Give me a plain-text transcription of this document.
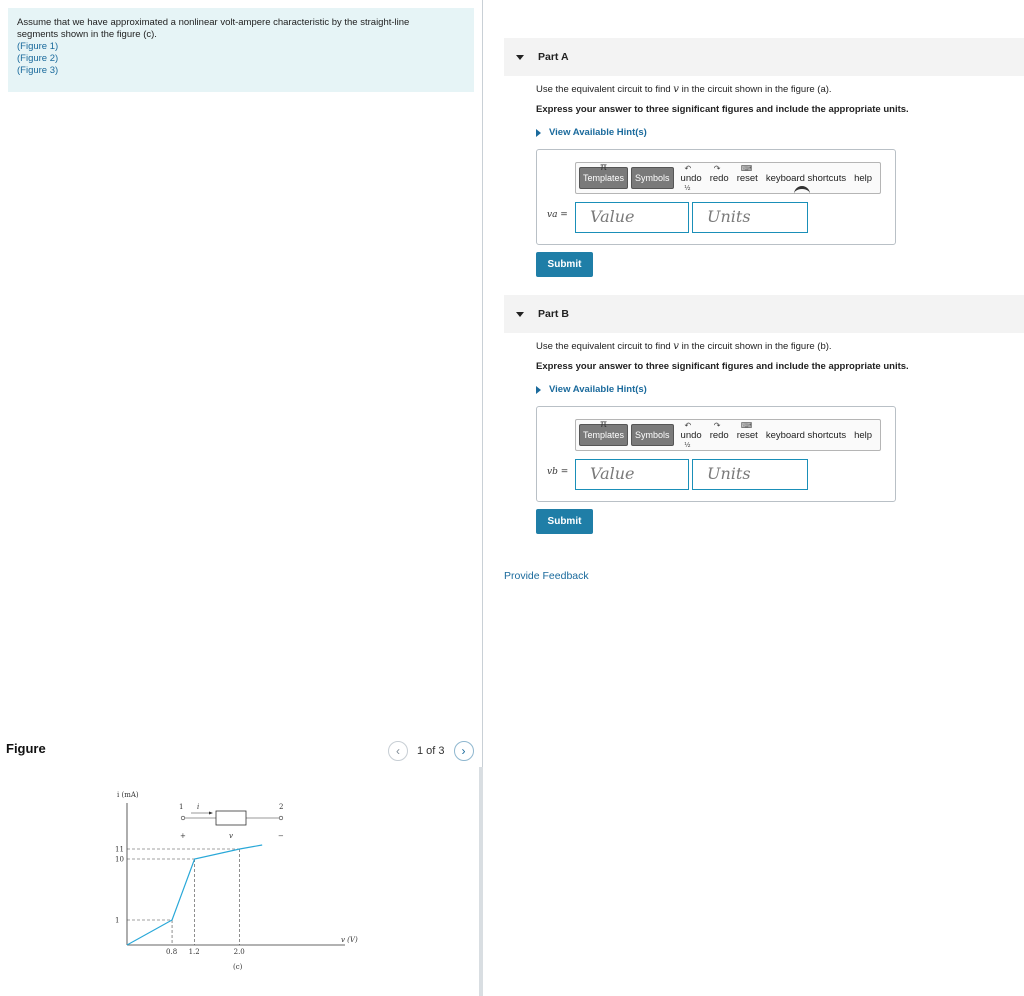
Assume that we have approximated a nonlinear volt-ampere characteristic by the straight-line
segments shown in the figure (c).
(Figure 1)
(Figure 2)
(Figure 3)
Figure	‹ 1 of 3 ›
i (mA)
1	2
i
+	−
v
1
10
11
0.8 1.2	2.0
v (V)
(c)
Part A
Use the equivalent circuit to find v in the circuit shown in the figure (a).
Express your answer to three significant figures and include the appropriate units.
View Available Hint(s)
π
Templates Symbols
↶
undo
½
↷
redo
⌨
reset keyboard shortcuts help
va =	Value	Units
Submit
Part B
Use the equivalent circuit to find v in the circuit shown in the figure (b).
Express your answer to three significant figures and include the appropriate units.
View Available Hint(s)
π
Templates Symbols
↶
undo
½
↷
redo
⌨
reset keyboard shortcuts help
vb =	Value	Units
Submit
Provide Feedback
